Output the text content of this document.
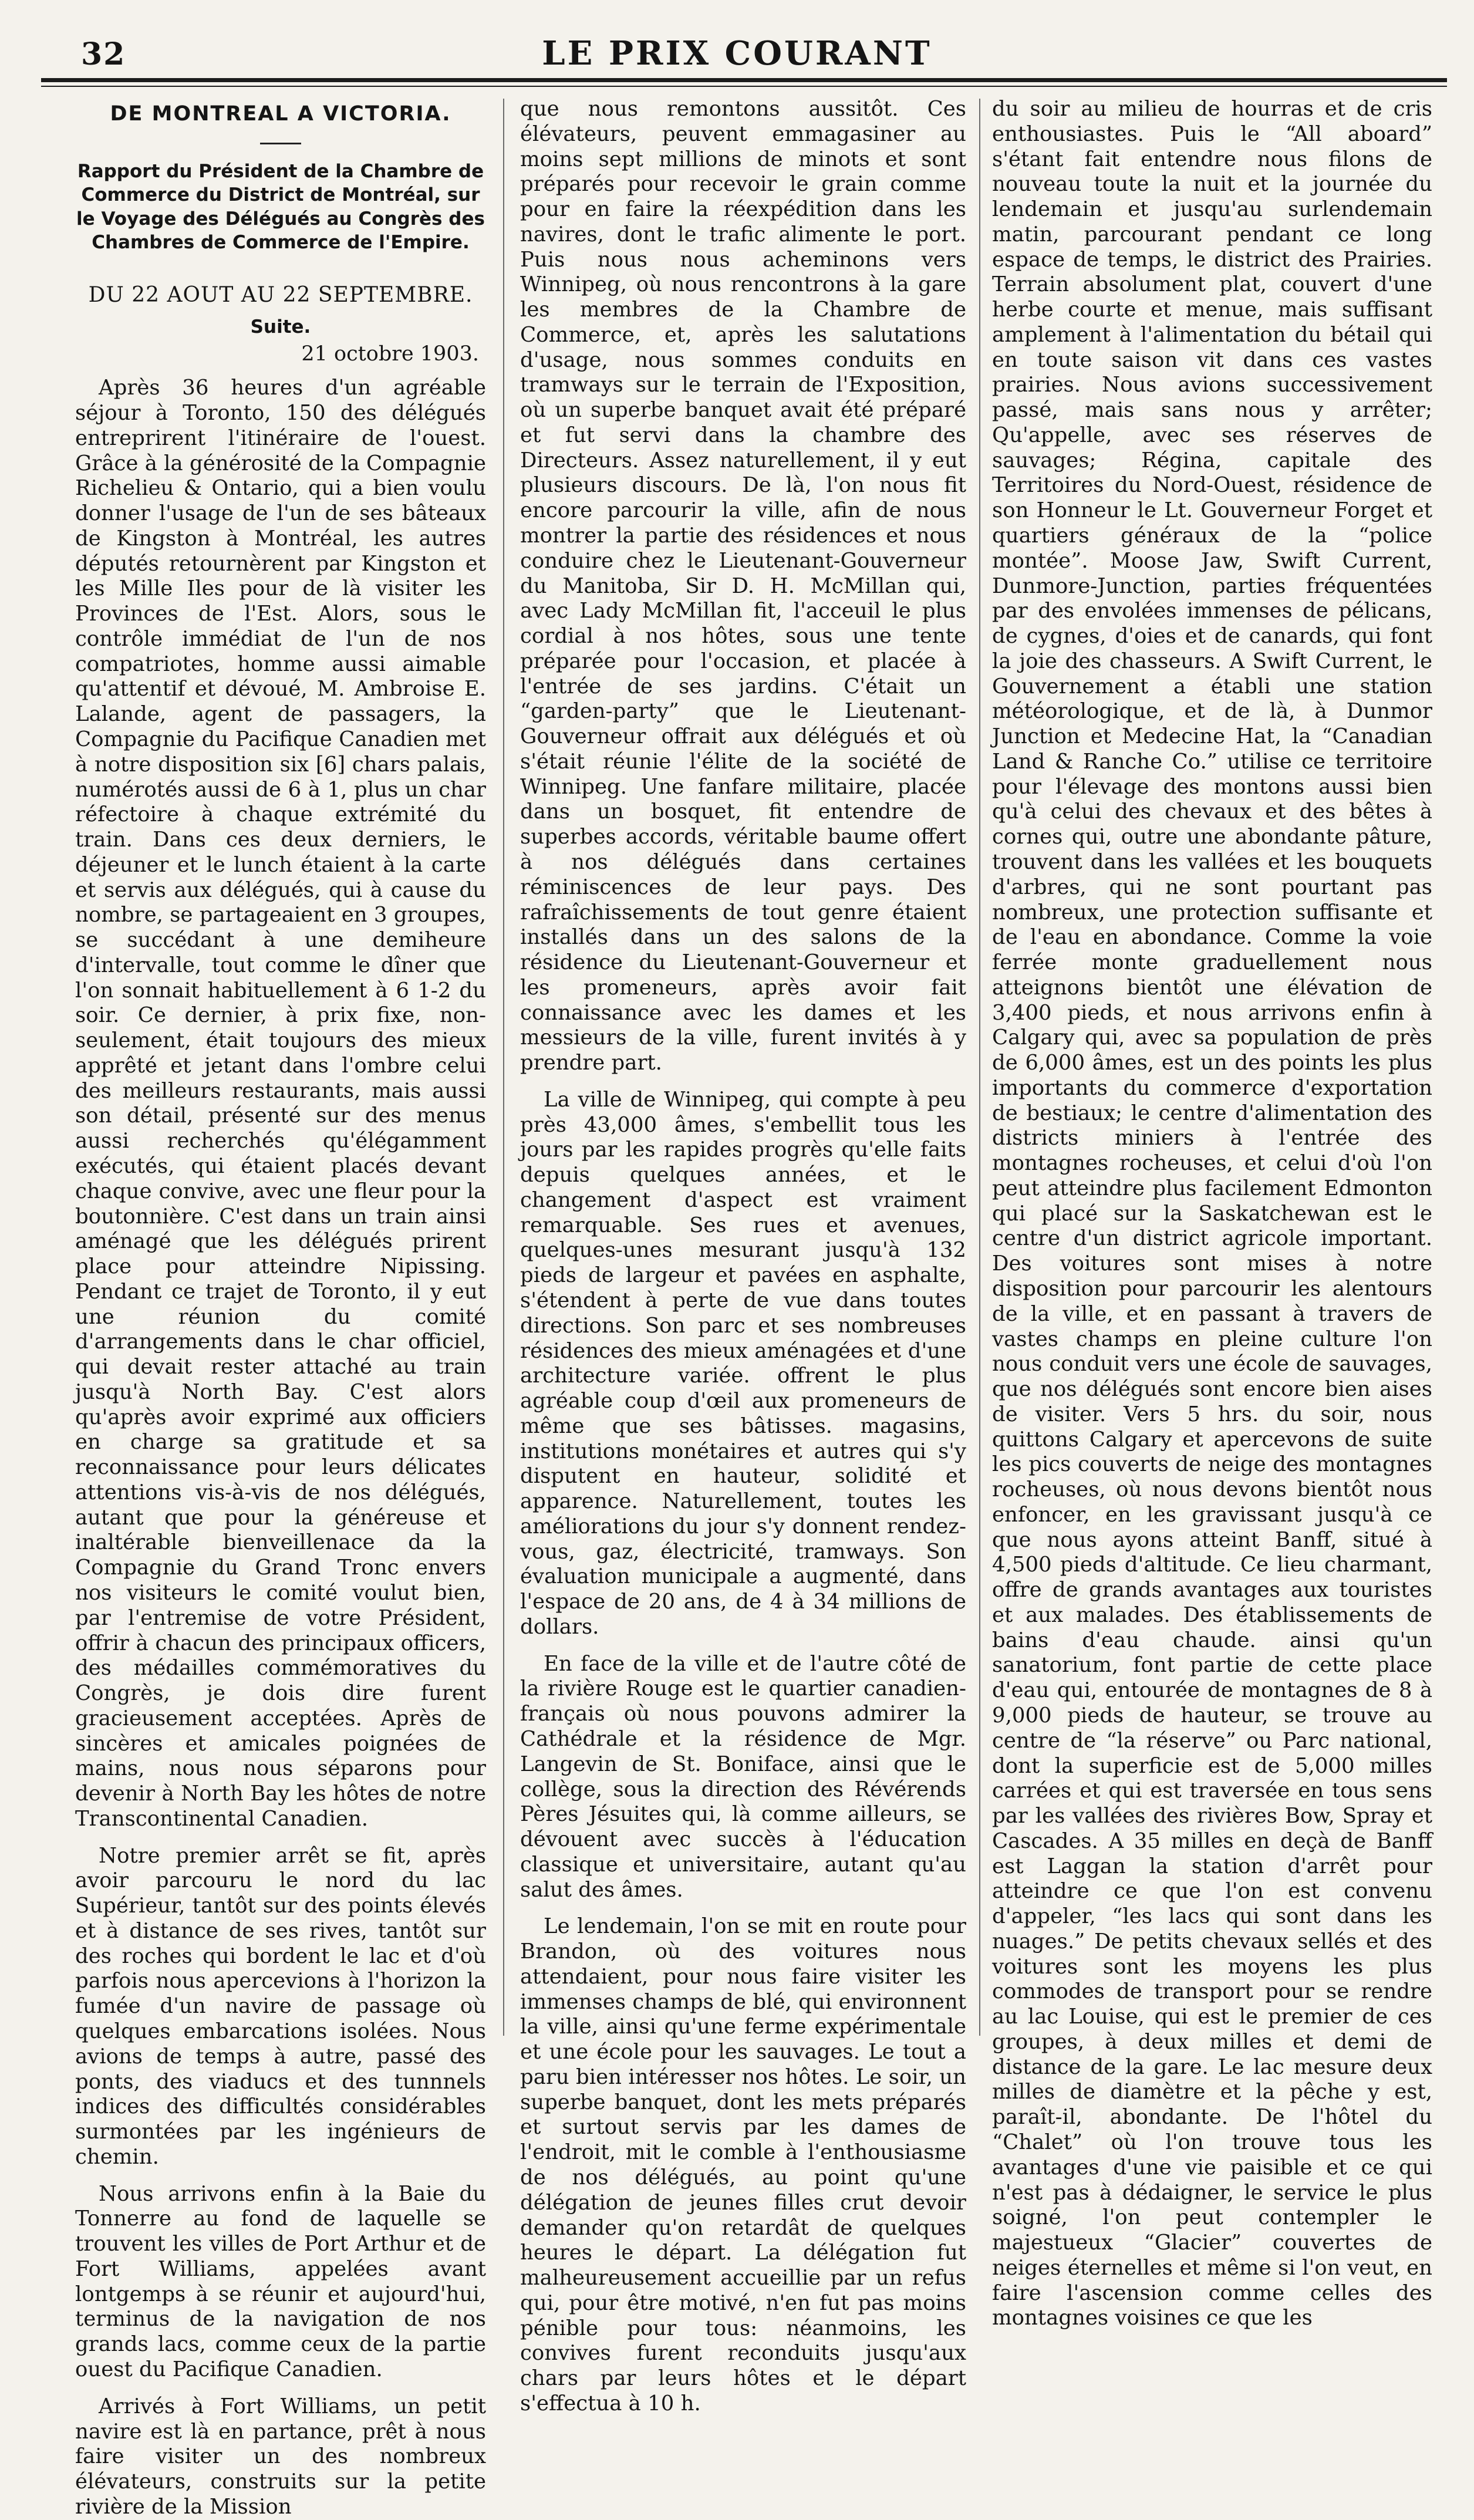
32	LE PRIX COURANT
DE MONTREAL A VICTORIA.
Rapport du Président de la Chambre de Commerce du District de Montréal, sur le Voyage des Délégués au Congrès des Chambres de Commerce de l'Empire.
DU 22 AOUT AU 22 SEPTEMBRE.
Suite.
21 octobre 1903.

Après 36 heures d'un agréable séjour à Toronto, 150 des délégués entreprirent l'itinéraire de l'ouest. Grâce à la générosité de la Compagnie Richelieu & Ontario, qui a bien voulu donner l'usage de l'un de ses bâteaux de Kingston à Montréal, les autres députés retournèrent par Kingston et les Mille Iles pour de là visiter les Provinces de l'Est. Alors, sous le contrôle immédiat de l'un de nos compatriotes, homme aussi aimable qu'attentif et dévoué, M. Ambroise E. Lalande, agent de passagers, la Compagnie du Pacifique Canadien met à notre disposition six [6] chars palais, numérotés aussi de 6 à 1, plus un char réfectoire à chaque extrémité du train. Dans ces deux derniers, le déjeuner et le lunch étaient à la carte et servis aux délégués, qui à cause du nombre, se partageaient en 3 groupes, se succédant à une demiheure d'intervalle, tout comme le dîner que l'on sonnait habituellement à 6 1-2 du soir. Ce dernier, à prix fixe, non-seulement, était toujours des mieux apprêté et jetant dans l'ombre celui des meilleurs restaurants, mais aussi son détail, présenté sur des menus aussi recherchés qu'élégamment exécutés, qui étaient placés devant chaque convive, avec une fleur pour la boutonnière. C'est dans un train ainsi aménagé que les délégués prirent place pour atteindre Nipissing. Pendant ce trajet de Toronto, il y eut une réunion du comité d'arrangements dans le char officiel, qui devait rester attaché au train jusqu'à North Bay. C'est alors qu'après avoir exprimé aux officiers en charge sa gratitude et sa reconnaissance pour leurs délicates attentions vis-à-vis de nos délégués, autant que pour la généreuse et inaltérable bienveillenace da la Compagnie du Grand Tronc envers nos visiteurs le comité voulut bien, par l'entremise de votre Président, offrir à chacun des principaux officers, des médailles commémoratives du Congrès, je dois dire furent gracieusement acceptées. Après de sincères et amicales poignées de mains, nous nous séparons pour devenir à North Bay les hôtes de notre Transcontinental Canadien.

Notre premier arrêt se fit, après avoir parcouru le nord du lac Supérieur, tantôt sur des points élevés et à distance de ses rives, tantôt sur des roches qui bordent le lac et d'où parfois nous apercevions à l'horizon la fumée d'un navire de passage où quelques embarcations isolées. Nous avions de temps à autre, passé des ponts, des viaducs et des tunnnels indices des difficultés considérables surmontées par les ingénieurs de chemin.

Nous arrivons enfin à la Baie du Tonnerre au fond de laquelle se trouvent les villes de Port Arthur et de Fort Williams, appelées avant lontgemps à se réunir et aujourd'hui, terminus de la navigation de nos grands lacs, comme ceux de la partie ouest du Pacifique Canadien.

Arrivés à Fort Williams, un petit navire est là en partance, prêt à nous faire visiter un des nombreux élévateurs, construits sur la petite rivière de la Mission

que nous remontons aussitôt. Ces élévateurs, peuvent emmagasiner au moins sept millions de minots et sont préparés pour recevoir le grain comme pour en faire la réexpédition dans les navires, dont le trafic alimente le port. Puis nous nous acheminons vers Winnipeg, où nous rencontrons à la gare les membres de la Chambre de Commerce, et, après les salutations d'usage, nous sommes conduits en tramways sur le terrain de l'Exposition, où un superbe banquet avait été préparé et fut servi dans la chambre des Directeurs. Assez naturellement, il y eut plusieurs discours. De là, l'on nous fit encore parcourir la ville, afin de nous montrer la partie des résidences et nous conduire chez le Lieutenant-Gouverneur du Manitoba, Sir D. H. McMillan qui, avec Lady McMillan fit, l'acceuil le plus cordial à nos hôtes, sous une tente préparée pour l'occasion, et placée à l'entrée de ses jardins. C'était un “garden-party” que le Lieutenant-Gouverneur offrait aux délégués et où s'était réunie l'élite de la société de Winnipeg. Une fanfare militaire, placée dans un bosquet, fit entendre de superbes accords, véritable baume offert à nos délégués dans certaines réminiscences de leur pays. Des rafraîchissements de tout genre étaient installés dans un des salons de la résidence du Lieutenant-Gouverneur et les promeneurs, après avoir fait connaissance avec les dames et les messieurs de la ville, furent invités à y prendre part.

La ville de Winnipeg, qui compte à peu près 43,000 âmes, s'embellit tous les jours par les rapides progrès qu'elle faits depuis quelques années, et le changement d'aspect est vraiment remarquable. Ses rues et avenues, quelques-unes mesurant jusqu'à 132 pieds de largeur et pavées en asphalte, s'étendent à perte de vue dans toutes directions. Son parc et ses nombreuses résidences des mieux aménagées et d'une architecture variée. offrent le plus agréable coup d'œil aux promeneurs de même que ses bâtisses. magasins, institutions monétaires et autres qui s'y disputent en hauteur, solidité et apparence. Naturellement, toutes les améliorations du jour s'y donnent rendez-vous, gaz, électricité, tramways. Son évaluation municipale a augmenté, dans l'espace de 20 ans, de 4 à 34 millions de dollars.

En face de la ville et de l'autre côté de la rivière Rouge est le quartier canadien-français où nous pouvons admirer la Cathédrale et la résidence de Mgr. Langevin de St. Boniface, ainsi que le collège, sous la direction des Révérends Pères Jésuites qui, là comme ailleurs, se dévouent avec succès à l'éducation classique et universitaire, autant qu'au salut des âmes.

Le lendemain, l'on se mit en route pour Brandon, où des voitures nous attendaient, pour nous faire visiter les immenses champs de blé, qui environnent la ville, ainsi qu'une ferme expérimentale et une école pour les sauvages. Le tout a paru bien intéresser nos hôtes. Le soir, un superbe banquet, dont les mets préparés et surtout servis par les dames de l'endroit, mit le comble à l'enthousiasme de nos délégués, au point qu'une délégation de jeunes filles crut devoir demander qu'on retardât de quelques heures le départ. La délégation fut malheureusement accueillie par un refus qui, pour être motivé, n'en fut pas moins pénible pour tous: néanmoins, les convives furent reconduits jusqu'aux chars par leurs hôtes et le départ s'effectua à 10 h.

du soir au milieu de hourras et de cris enthousiastes. Puis le “All aboard” s'étant fait entendre nous filons de nouveau toute la nuit et la journée du lendemain et jusqu'au surlendemain matin, parcourant pendant ce long espace de temps, le district des Prairies. Terrain absolument plat, couvert d'une herbe courte et menue, mais suffisant amplement à l'alimentation du bétail qui en toute saison vit dans ces vastes prairies. Nous avions successivement passé, mais sans nous y arrêter; Qu'appelle, avec ses réserves de sauvages; Régina, capitale des Territoires du Nord-Ouest, résidence de son Honneur le Lt. Gouverneur Forget et quartiers généraux de la “police montée”. Moose Jaw, Swift Current, Dunmore-Junction, parties fréquentées par des envolées immenses de pélicans, de cygnes, d'oies et de canards, qui font la joie des chasseurs. A Swift Current, le Gouvernement a établi une station météorologique, et de là, à Dunmor Junction et Medecine Hat, la “Canadian Land & Ranche Co.” utilise ce territoire pour l'élevage des montons aussi bien qu'à celui des chevaux et des bêtes à cornes qui, outre une abondante pâture, trouvent dans les vallées et les bouquets d'arbres, qui ne sont pourtant pas nombreux, une protection suffisante et de l'eau en abondance. Comme la voie ferrée monte graduellement nous atteignons bientôt une élévation de 3,400 pieds, et nous arrivons enfin à Calgary qui, avec sa population de près de 6,000 âmes, est un des points les plus importants du commerce d'exportation de bestiaux; le centre d'alimentation des districts miniers à l'entrée des montagnes rocheuses, et celui d'où l'on peut atteindre plus facilement Edmonton qui placé sur la Saskatchewan est le centre d'un district agricole important. Des voitures sont mises à notre disposition pour parcourir les alentours de la ville, et en passant à travers de vastes champs en pleine culture l'on nous conduit vers une école de sauvages, que nos délégués sont encore bien aises de visiter. Vers 5 hrs. du soir, nous quittons Calgary et apercevons de suite les pics couverts de neige des montagnes rocheuses, où nous devons bientôt nous enfoncer, en les gravissant jusqu'à ce que nous ayons atteint Banff, situé à 4,500 pieds d'altitude. Ce lieu charmant, offre de grands avantages aux touristes et aux malades. Des établissements de bains d'eau chaude. ainsi qu'un sanatorium, font partie de cette place d'eau qui, entourée de montagnes de 8 à 9,000 pieds de hauteur, se trouve au centre de “la réserve” ou Parc national, dont la superficie est de 5,000 milles carrées et qui est traversée en tous sens par les vallées des rivières Bow, Spray et Cascades. A 35 milles en deçà de Banff est Laggan la station d'arrêt pour atteindre ce que l'on est convenu d'appeler, “les lacs qui sont dans les nuages.” De petits chevaux sellés et des voitures sont les moyens les plus commodes de transport pour se rendre au lac Louise, qui est le premier de ces groupes, à deux milles et demi de distance de la gare. Le lac mesure deux milles de diamètre et la pêche y est, paraît-il, abondante. De l'hôtel du “Chalet” où l'on trouve tous les avantages d'une vie paisible et ce qui n'est pas à dédaigner, le service le plus soigné, l'on peut contempler le majestueux “Glacier” couvertes de neiges éternelles et même si l'on veut, en faire l'ascension comme celles des montagnes voisines ce que les
